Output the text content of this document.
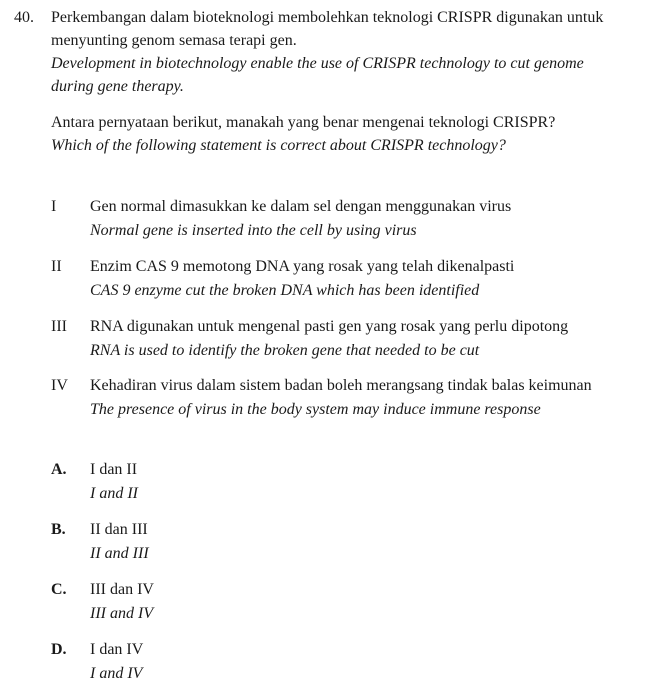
40. Perkembangan dalam bioteknologi membolehkan teknologi CRISPR digunakan untuk
menyunting genom semasa terapi gen.
Development in biotechnology enable the use of CRISPR technology to cut genome
during gene therapy.
Antara pernyataan berikut, manakah yang benar mengenai teknologi CRISPR?
Which of the following statement is correct about CRISPR technology?
I Gen normal dimasukkan ke dalam sel dengan menggunakan virus
Normal gene is inserted into the cell by using virus
II Enzim CAS 9 memotong DNA yang rosak yang telah dikenalpasti
CAS 9 enzyme cut the broken DNA which has been identified
III RNA digunakan untuk mengenal pasti gen yang rosak yang perlu dipotong
RNA is used to identify the broken gene that needed to be cut
IV Kehadiran virus dalam sistem badan boleh merangsang tindak balas keimunan
The presence of virus in the body system may induce immune response
A. I dan II
I and II
B. II dan III
II and III
C. III dan IV
III and IV
D. I dan IV
I and IV
